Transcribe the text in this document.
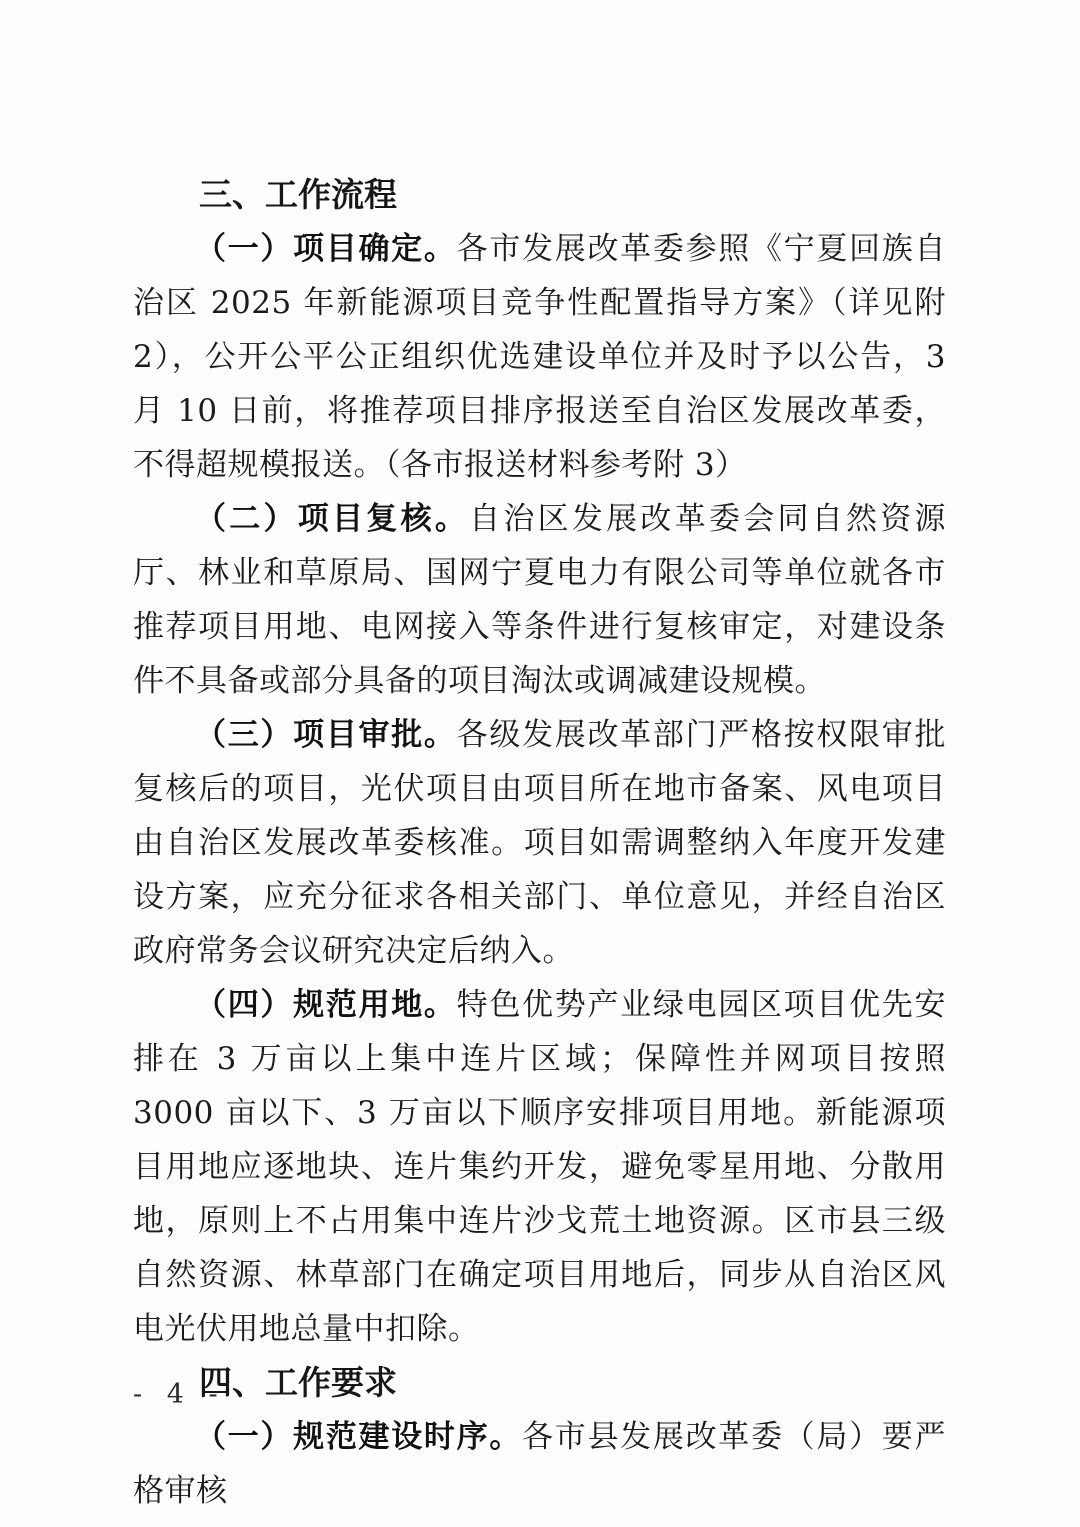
三、工作流程

（一）项目确定。各市发展改革委参照《宁夏回族自治区 2025 年新能源项目竞争性配置指导方案》（详见附 2），公开公平公正组织优选建设单位并及时予以公告，3 月 10 日前，将推荐项目排序报送至自治区发展改革委，不得超规模报送。（各市报送材料参考附 3）

（二）项目复核。自治区发展改革委会同自然资源厅、林业和草原局、国网宁夏电力有限公司等单位就各市推荐项目用地、电网接入等条件进行复核审定，对建设条件不具备或部分具备的项目淘汰或调减建设规模。

（三）项目审批。各级发展改革部门严格按权限审批复核后的项目，光伏项目由项目所在地市备案、风电项目由自治区发展改革委核准。项目如需调整纳入年度开发建设方案，应充分征求各相关部门、单位意见，并经自治区政府常务会议研究决定后纳入。

（四）规范用地。特色优势产业绿电园区项目优先安排在 3 万亩以上集中连片区域；保障性并网项目按照 3000 亩以下、3 万亩以下顺序安排项目用地。新能源项目用地应逐地块、连片集约开发，避免零星用地、分散用地，原则上不占用集中连片沙戈荒土地资源。区市县三级自然资源、林草部门在确定项目用地后，同步从自治区风电光伏用地总量中扣除。

四、工作要求

（一）规范建设时序。各市县发展改革委（局）要严格审核

- 4 -
